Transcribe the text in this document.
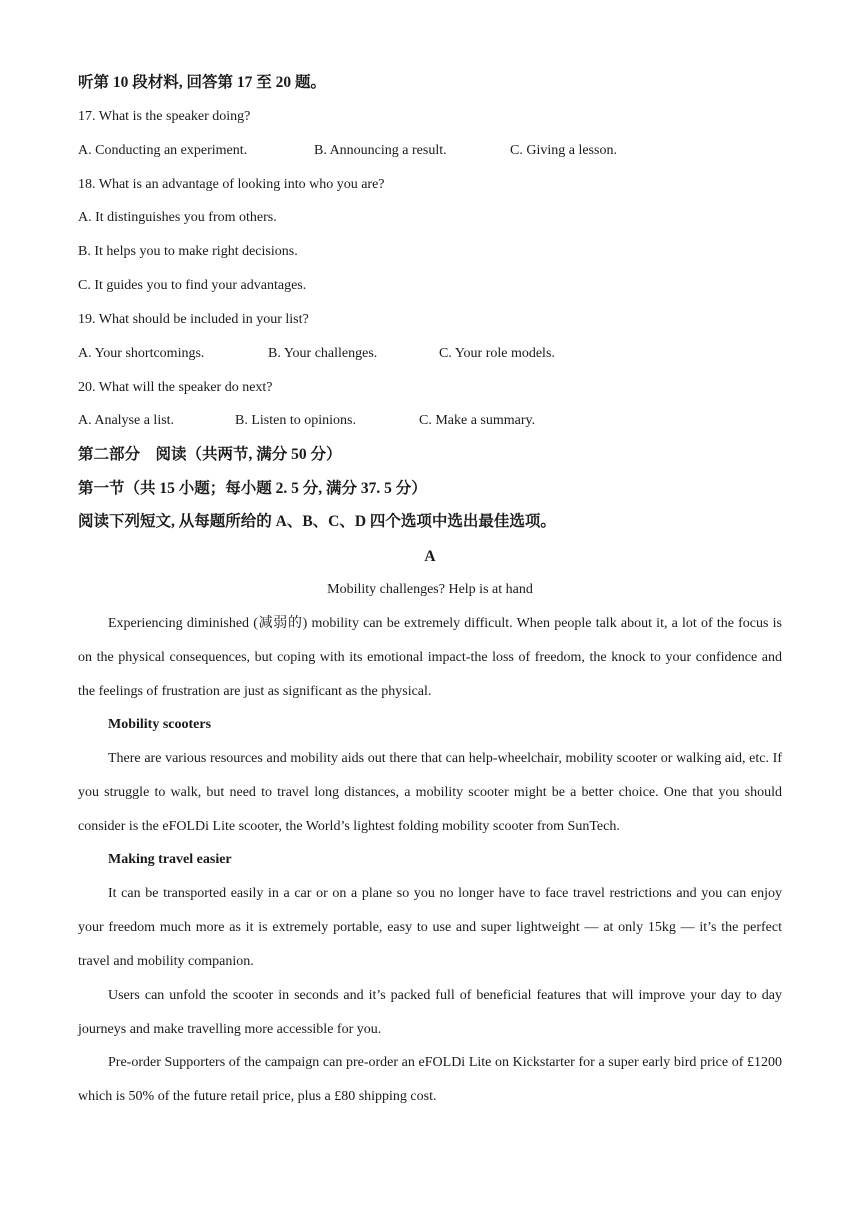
听第 10 段材料, 回答第 17 至 20 题。
17. What is the speaker doing?
A. Conducting an experiment.	B. Announcing a result.	C. Giving a lesson.
18. What is an advantage of looking into who you are?
A. It distinguishes you from others.
B. It helps you to make right decisions.
C. It guides you to find your advantages.
19. What should be included in your list?
A. Your shortcomings.	B. Your challenges.	C. Your role models.
20. What will the speaker do next?
A. Analyse a list.	B. Listen to opinions.	C. Make a summary.
第二部分　阅读（共两节, 满分 50 分）
第一节（共 15 小题；每小题 2. 5 分, 满分 37. 5 分）
阅读下列短文, 从每题所给的 A、B、C、D 四个选项中选出最佳选项。
A
Mobility challenges? Help is at hand
Experiencing diminished (减弱的) mobility can be extremely difficult. When people talk about it, a lot of the focus is on the physical consequences, but coping with its emotional impact-the loss of freedom, the knock to your confidence and the feelings of frustration are just as significant as the physical.
Mobility scooters
There are various resources and mobility aids out there that can help-wheelchair, mobility scooter or walking aid, etc. If you struggle to walk, but need to travel long distances, a mobility scooter might be a better choice. One that you should consider is the eFOLDi Lite scooter, the World’s lightest folding mobility scooter from SunTech.
Making travel easier
It can be transported easily in a car or on a plane so you no longer have to face travel restrictions and you can enjoy your freedom much more as it is extremely portable, easy to use and super lightweight — at only 15kg — it’s the perfect travel and mobility companion.
Users can unfold the scooter in seconds and it’s packed full of beneficial features that will improve your day to day journeys and make travelling more accessible for you.
Pre-order Supporters of the campaign can pre-order an eFOLDi Lite on Kickstarter for a super early bird price of £1200 which is 50% of the future retail price, plus a £80 shipping cost.
